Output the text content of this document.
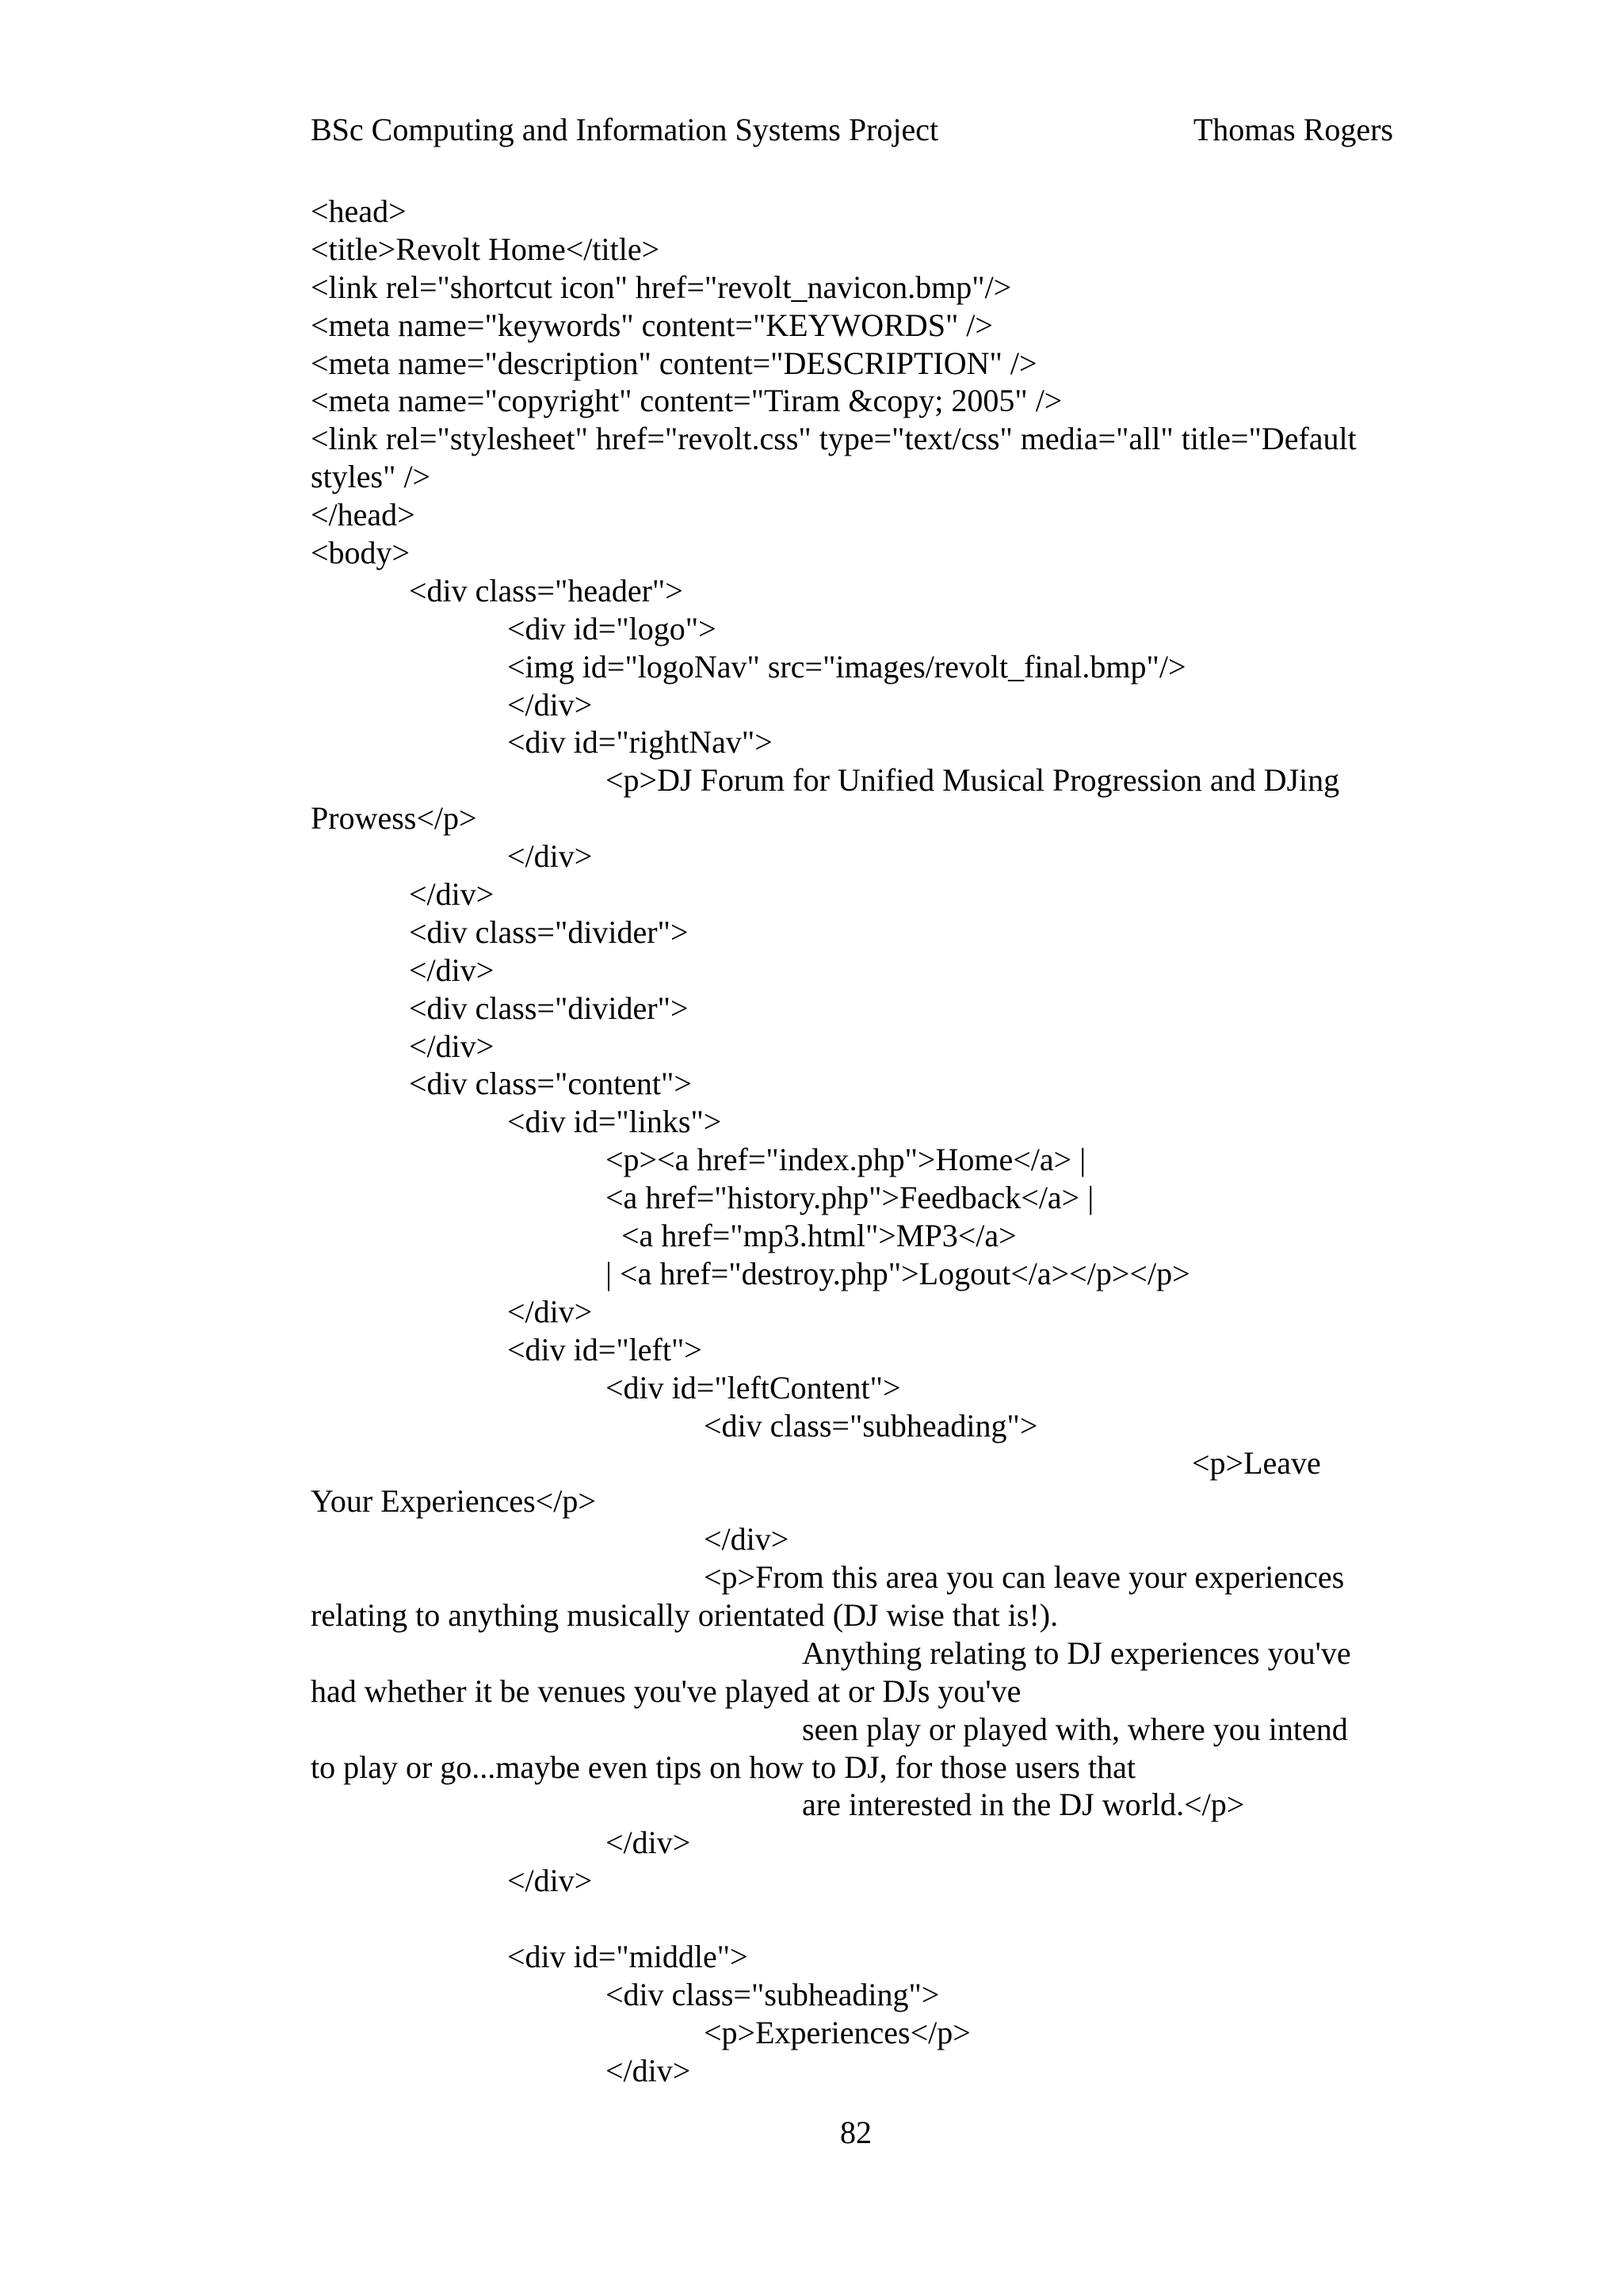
BSc Computing and Information Systems Project	Thomas Rogers
<head>
<title>Revolt Home</title>
<link rel="shortcut icon" href="revolt_navicon.bmp"/>
<meta name="keywords" content="KEYWORDS" />
<meta name="description" content="DESCRIPTION" />
<meta name="copyright" content="Tiram &copy; 2005" />
<link rel="stylesheet" href="revolt.css" type="text/css" media="all" title="Default
styles" />
</head>
<body>
<div class="header">
<div id="logo">
<img id="logoNav" src="images/revolt_final.bmp"/>
</div>
<div id="rightNav">
<p>DJ Forum for Unified Musical Progression and DJing
Prowess</p>
</div>
</div>
<div class="divider">
</div>
<div class="divider">
</div>
<div class="content">
<div id="links">
<p><a href="index.php">Home</a> |
<a href="history.php">Feedback</a> |
<a href="mp3.html">MP3</a>
| <a href="destroy.php">Logout</a></p></p>
</div>
<div id="left">
<div id="leftContent">
<div class="subheading">
<p>Leave
Your Experiences</p>
</div>
<p>From this area you can leave your experiences
relating to anything musically orientated (DJ wise that is!).
Anything relating to DJ experiences you've
had whether it be venues you've played at or DJs you've
seen play or played with, where you intend
to play or go...maybe even tips on how to DJ, for those users that
are interested in the DJ world.</p>
</div>
</div>
<div id="middle">
<div class="subheading">
<p>Experiences</p>
</div>
82
